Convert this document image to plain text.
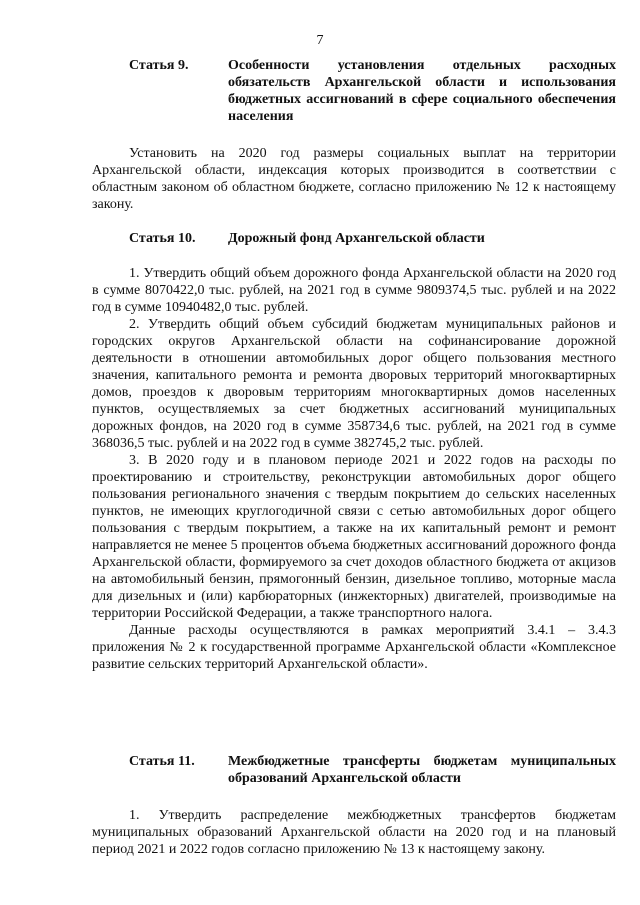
7
Статья 9.	Особенности установления отдельных расходных обязательств Архангельской области и использования бюджетных ассигнований в сфере социального обеспечения населения

Установить на 2020 год размеры социальных выплат на территории Архангельской области, индексация которых производится в соответствии с областным законом об областном бюджете, согласно приложению № 12 к настоящему закону.

Статья 10. Дорожный фонд Архангельской области

1. Утвердить общий объем дорожного фонда Архангельской области на 2020 год в сумме 8070422,0 тыс. рублей, на 2021 год в сумме 9809374,5 тыс. рублей и на 2022 год в сумме 10940482,0 тыс. рублей.

2. Утвердить общий объем субсидий бюджетам муниципальных районов и городских округов Архангельской области на софинансирование дорожной деятельности в отношении автомобильных дорог общего пользования местного значения, капитального ремонта и ремонта дворовых территорий многоквартирных домов, проездов к дворовым территориям многоквартирных домов населенных пунктов, осуществляемых за счет бюджетных ассигнований муниципальных дорожных фондов, на 2020 год в сумме 358734,6 тыс. рублей, на 2021 год в сумме 368036,5 тыс. рублей и на 2022 год в сумме 382745,2 тыс. рублей.

3. В 2020 году и в плановом периоде 2021 и 2022 годов на расходы по проектированию и строительству, реконструкции автомобильных дорог общего пользования регионального значения с твердым покрытием до сельских населенных пунктов, не имеющих круглогодичной связи с сетью автомобильных дорог общего пользования с твердым покрытием, а также на их капитальный ремонт и ремонт направляется не менее 5 процентов объема бюджетных ассигнований дорожного фонда Архангельской области, формируемого за счет доходов областного бюджета от акцизов на автомобильный бензин, прямогонный бензин, дизельное топливо, моторные масла для дизельных и (или) карбюраторных (инжекторных) двигателей, производимые на территории Российской Федерации, а также транспортного налога.

Данные расходы осуществляются в рамках мероприятий 3.4.1 – 3.4.3 приложения № 2 к государственной программе Архангельской области «Комплексное развитие сельских территорий Архангельской области».

Статья 11. Межбюджетные трансферты бюджетам муниципальных образований Архангельской области

1. Утвердить распределение межбюджетных трансфертов бюджетам муниципальных образований Архангельской области на 2020 год и на плановый период 2021 и 2022 годов согласно приложению № 13 к настоящему закону.
